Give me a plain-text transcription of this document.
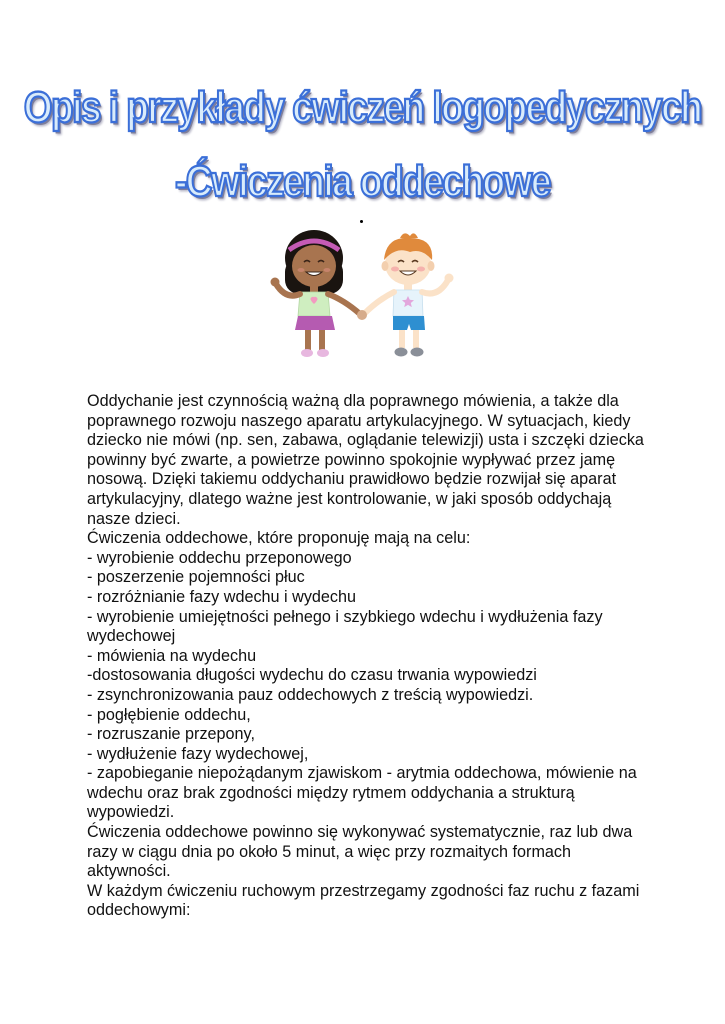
Opis i przykłady ćwiczeń logopedycznych
-Ćwiczenia oddechowe

Oddychanie jest czynnością ważną dla poprawnego mówienia, a także dla poprawnego rozwoju naszego aparatu artykulacyjnego. W sytuacjach, kiedy dziecko nie mówi (np. sen, zabawa, oglądanie telewizji) usta i szczęki dziecka powinny być zwarte, a powietrze powinno spokojnie wypływać przez jamę nosową. Dzięki takiemu oddychaniu prawidłowo będzie rozwijał się aparat artykulacyjny, dlatego ważne jest kontrolowanie, w jaki sposób oddychają nasze dzieci.

Ćwiczenia oddechowe, które proponuję mają na celu:

- wyrobienie oddechu przeponowego

- poszerzenie pojemności płuc

- rozróżnianie fazy wdechu i wydechu

- wyrobienie umiejętności pełnego i szybkiego wdechu i wydłużenia fazy wydechowej

- mówienia na wydechu

-dostosowania długości wydechu do czasu trwania wypowiedzi

- zsynchronizowania pauz oddechowych z treścią wypowiedzi.

- pogłębienie oddechu,

- rozruszanie przepony,

- wydłużenie fazy wydechowej,

- zapobieganie niepożądanym zjawiskom - arytmia oddechowa, mówienie na wdechu oraz brak zgodności między rytmem oddychania a strukturą wypowiedzi.

Ćwiczenia oddechowe powinno się wykonywać systematycznie, raz lub dwa razy w ciągu dnia po około 5 minut, a więc przy rozmaitych formach aktywności.

W każdym ćwiczeniu ruchowym przestrzegamy zgodności faz ruchu z fazami oddechowymi:
